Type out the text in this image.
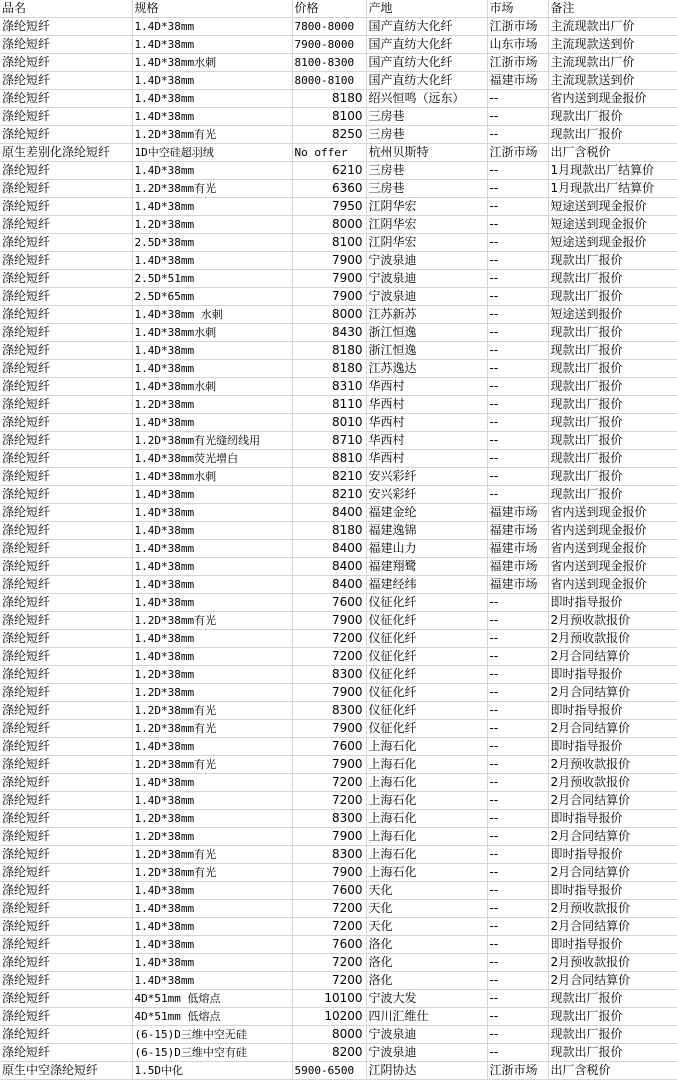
品名	规格	价格	产地	市场	备注
涤纶短纤	1.4D*38mm	7800-8000	国产直纺大化纤	江浙市场	主流现款出厂价
涤纶短纤	1.4D*38mm	7900-8000	国产直纺大化纤	山东市场	主流现款送到价
涤纶短纤	1.4D*38mm水刺	8100-8300	国产直纺大化纤	江浙市场	主流现款出厂价
涤纶短纤	1.4D*38mm	8000-8100	国产直纺大化纤	福建市场	主流现款送到价
涤纶短纤	1.4D*38mm	8180	绍兴恒鸣（远东）	--	省内送到现金报价
涤纶短纤	1.4D*38mm	8100	三房巷	--	现款出厂报价
涤纶短纤	1.2D*38mm有光	8250	三房巷	--	现款出厂报价
原生差别化涤纶短纤	1D中空硅超羽绒	No offer	杭州贝斯特	江浙市场	出厂含税价
涤纶短纤	1.4D*38mm	6210	三房巷	--	1月现款出厂结算价
涤纶短纤	1.2D*38mm有光	6360	三房巷	--	1月现款出厂结算价
涤纶短纤	1.4D*38mm	7950	江阴华宏	--	短途送到现金报价
涤纶短纤	1.2D*38mm	8000	江阴华宏	--	短途送到现金报价
涤纶短纤	2.5D*38mm	8100	江阴华宏	--	短途送到现金报价
涤纶短纤	1.4D*38mm	7900	宁波泉迪	--	现款出厂报价
涤纶短纤	2.5D*51mm	7900	宁波泉迪	--	现款出厂报价
涤纶短纤	2.5D*65mm	7900	宁波泉迪	--	现款出厂报价
涤纶短纤	1.4D*38mm 水刺	8000	江苏新苏	--	短途送到报价
涤纶短纤	1.4D*38mm水刺	8430	浙江恒逸	--	现款出厂报价
涤纶短纤	1.4D*38mm	8180	浙江恒逸	--	现款出厂报价
涤纶短纤	1.4D*38mm	8180	江苏逸达	--	现款出厂报价
涤纶短纤	1.4D*38mm水刺	8310	华西村	--	现款出厂报价
涤纶短纤	1.2D*38mm	8110	华西村	--	现款出厂报价
涤纶短纤	1.4D*38mm	8010	华西村	--	现款出厂报价
涤纶短纤	1.2D*38mm有光缝纫线用	8710	华西村	--	现款出厂报价
涤纶短纤	1.4D*38mm荧光增白	8810	华西村	--	现款出厂报价
涤纶短纤	1.4D*38mm水刺	8210	安兴彩纤	--	现款出厂报价
涤纶短纤	1.4D*38mm	8210	安兴彩纤	--	现款出厂报价
涤纶短纤	1.4D*38mm	8400	福建金纶	福建市场	省内送到现金报价
涤纶短纤	1.4D*38mm	8180	福建逸锦	福建市场	省内送到现金报价
涤纶短纤	1.4D*38mm	8400	福建山力	福建市场	省内送到现金报价
涤纶短纤	1.4D*38mm	8400	福建翔鹭	福建市场	省内送到现金报价
涤纶短纤	1.4D*38mm	8400	福建经纬	福建市场	省内送到现金报价
涤纶短纤	1.4D*38mm	7600	仪征化纤	--	即时指导报价
涤纶短纤	1.2D*38mm有光	7900	仪征化纤	--	2月预收款报价
涤纶短纤	1.4D*38mm	7200	仪征化纤	--	2月预收款报价
涤纶短纤	1.4D*38mm	7200	仪征化纤	--	2月合同结算价
涤纶短纤	1.2D*38mm	8300	仪征化纤	--	即时指导报价
涤纶短纤	1.2D*38mm	7900	仪征化纤	--	2月合同结算价
涤纶短纤	1.2D*38mm有光	8300	仪征化纤	--	即时指导报价
涤纶短纤	1.2D*38mm有光	7900	仪征化纤	--	2月合同结算价
涤纶短纤	1.4D*38mm	7600	上海石化	--	即时指导报价
涤纶短纤	1.2D*38mm有光	7900	上海石化	--	2月预收款报价
涤纶短纤	1.4D*38mm	7200	上海石化	--	2月预收款报价
涤纶短纤	1.4D*38mm	7200	上海石化	--	2月合同结算价
涤纶短纤	1.2D*38mm	8300	上海石化	--	即时指导报价
涤纶短纤	1.2D*38mm	7900	上海石化	--	2月合同结算价
涤纶短纤	1.2D*38mm有光	8300	上海石化	--	即时指导报价
涤纶短纤	1.2D*38mm有光	7900	上海石化	--	2月合同结算价
涤纶短纤	1.4D*38mm	7600	天化	--	即时指导报价
涤纶短纤	1.4D*38mm	7200	天化	--	2月预收款报价
涤纶短纤	1.4D*38mm	7200	天化	--	2月合同结算价
涤纶短纤	1.4D*38mm	7600	洛化	--	即时指导报价
涤纶短纤	1.4D*38mm	7200	洛化	--	2月预收款报价
涤纶短纤	1.4D*38mm	7200	洛化	--	2月合同结算价
涤纶短纤	4D*51mm 低熔点	10100	宁波大发	--	现款出厂报价
涤纶短纤	4D*51mm 低熔点	10200	四川汇维仕	--	现款出厂报价
涤纶短纤	(6-15)D三维中空无硅	8000	宁波泉迪	--	现款出厂报价
涤纶短纤	(6-15)D三维中空有硅	8200	宁波泉迪	--	现款出厂报价
原生中空涤纶短纤	1.5D中化	5900-6500	江阴协达	江浙市场	出厂含税价
